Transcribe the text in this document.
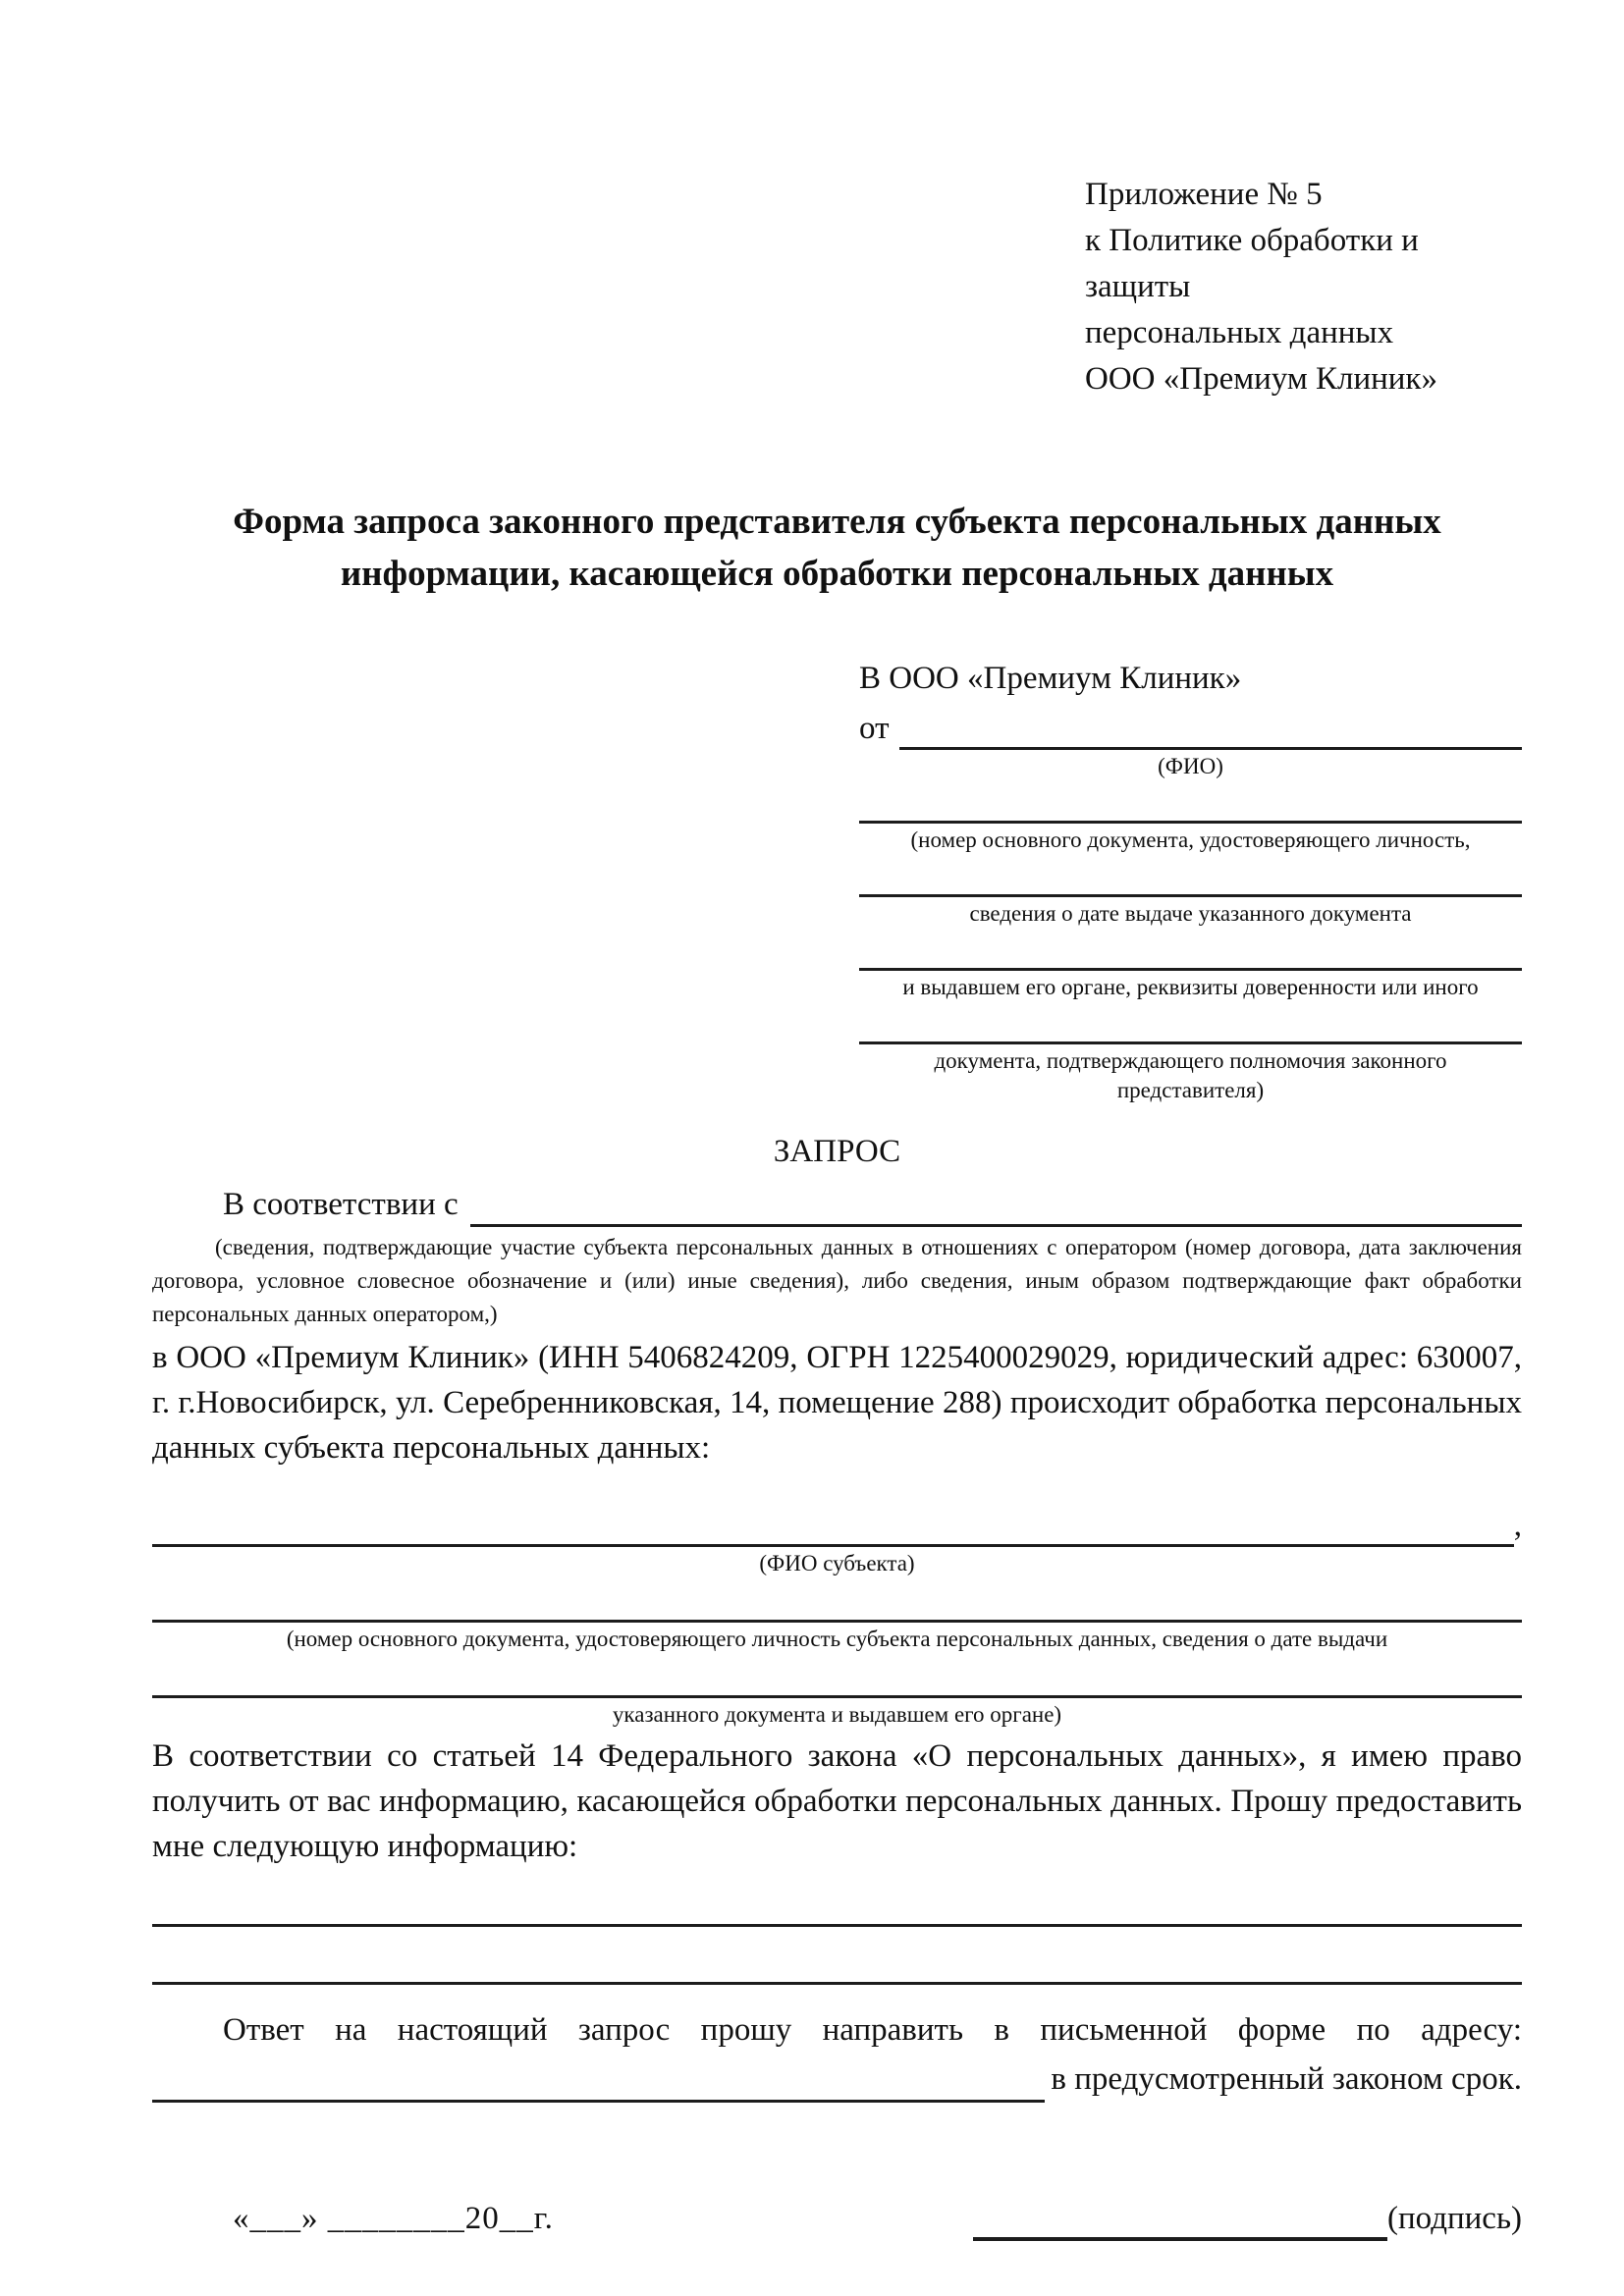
Приложение № 5
к Политике обработки и защиты
персональных данных
ООО «Премиум Клиник»
Форма запроса законного представителя субъекта персональных данных информации, касающейся обработки персональных данных
В ООО «Премиум Клиник»
от
(ФИО)
(номер основного документа, удостоверяющего личность,
сведения о дате выдаче указанного документа
и выдавшем его органе, реквизиты доверенности или иного
документа, подтверждающего полномочия законного представителя)
ЗАПРОС
В соответствии с
(сведения, подтверждающие участие субъекта персональных данных в отношениях с оператором (номер договора, дата заключения договора, условное словесное обозначение и (или) иные сведения), либо сведения, иным образом подтверждающие факт обработки персональных данных оператором,)

в ООО «Премиум Клиник» (ИНН 5406824209, ОГРН 1225400029029, юридический адрес: 630007, г. г.Новосибирск, ул. Серебренниковская, 14, помещение 288) происходит обработка персональных данных субъекта персональных данных:

,
(ФИО субъекта)
(номер основного документа, удостоверяющего личность субъекта персональных данных, сведения о дате выдачи
указанного документа и выдавшем его органе)

В соответствии со статьей 14 Федерального закона «О персональных данных», я имею право получить от вас информацию, касающейся обработки персональных данных. Прошу предоставить мне следующую информацию:

Ответ на настоящий запрос прошу направить в письменной форме по адресу:

в предусмотренный законом срок.
«___» ________20__г.	(подпись)
